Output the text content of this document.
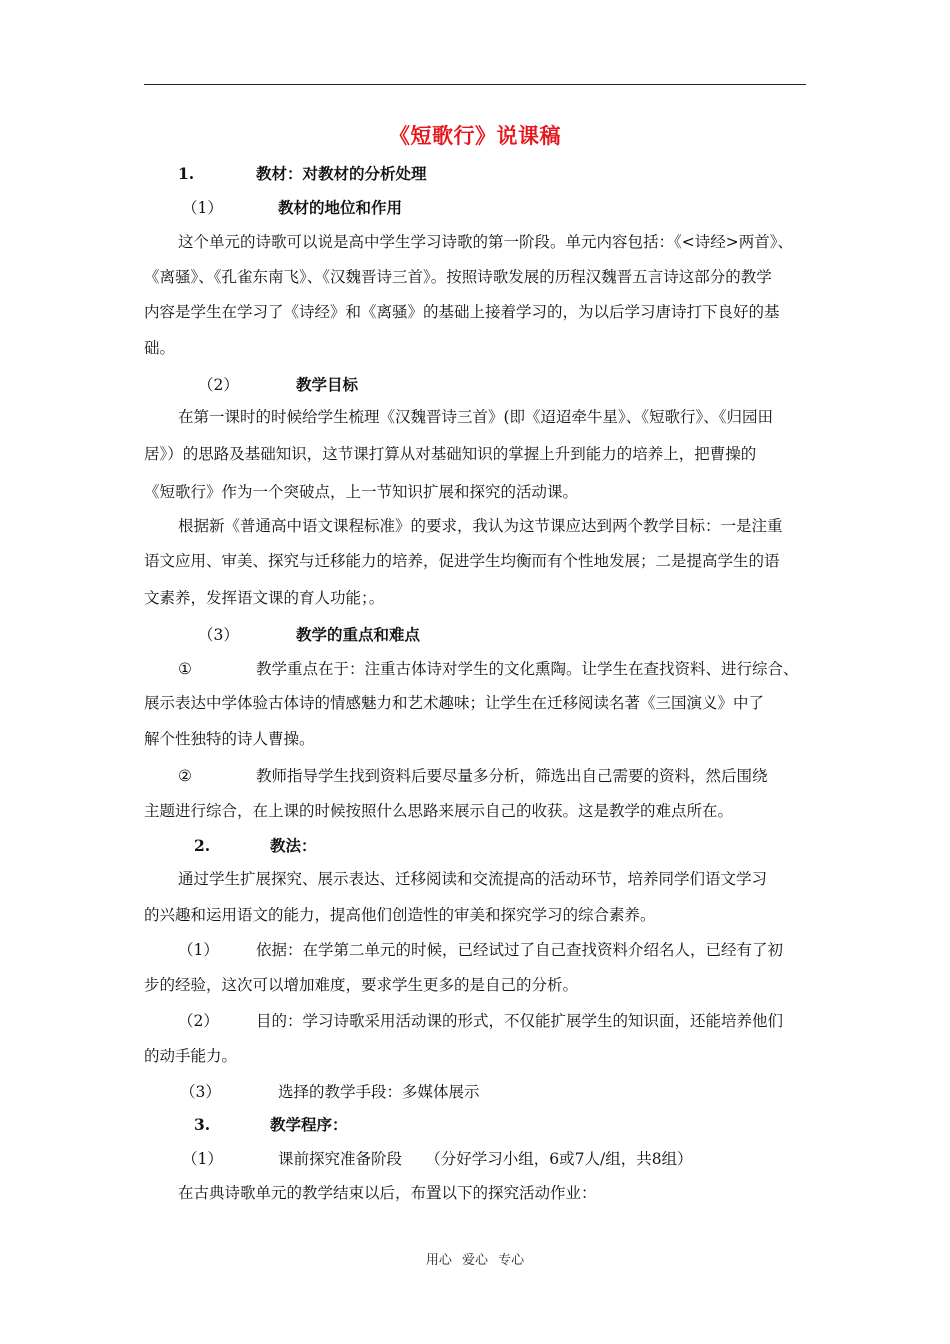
《短歌行》说课稿
1.	教材：对教材的分析处理
（1）	教材的地位和作用
这个单元的诗歌可以说是高中学生学习诗歌的第一阶段。单元内容包括：《<诗经>两首》、
《离骚》、《孔雀东南飞》、《汉魏晋诗三首》。按照诗歌发展的历程汉魏晋五言诗这部分的教学
内容是学生在学习了《诗经》和《离骚》的基础上接着学习的，为以后学习唐诗打下良好的基
础。
（2）	教学目标
在第一课时的时候给学生梳理《汉魏晋诗三首》(即《迢迢牵牛星》、《短歌行》、《归园田
居》）的思路及基础知识，这节课打算从对基础知识的掌握上升到能力的培养上，把曹操的
《短歌行》作为一个突破点，上一节知识扩展和探究的活动课。
根据新《普通高中语文课程标准》的要求，我认为这节课应达到两个教学目标：一是注重
语文应用、审美、探究与迁移能力的培养，促进学生均衡而有个性地发展；二是提高学生的语
文素养，发挥语文课的育人功能；。
（3）	教学的重点和难点
①	教学重点在于：注重古体诗对学生的文化熏陶。让学生在查找资料、进行综合、
展示表达中学体验古体诗的情感魅力和艺术趣味；让学生在迁移阅读名著《三国演义》中了
解个性独特的诗人曹操。
②	教师指导学生找到资料后要尽量多分析，筛选出自己需要的资料，然后围绕
主题进行综合，在上课的时候按照什么思路来展示自己的收获。这是教学的难点所在。
2.	教法：
通过学生扩展探究、展示表达、迁移阅读和交流提高的活动环节，培养同学们语文学习
的兴趣和运用语文的能力，提高他们创造性的审美和探究学习的综合素养。
（1） 依据：在学第二单元的时候，已经试过了自己查找资料介绍名人，已经有了初
步的经验，这次可以增加难度，要求学生更多的是自己的分析。
（2） 目的：学习诗歌采用活动课的形式，不仅能扩展学生的知识面，还能培养他们
的动手能力。
（3）	选择的教学手段：多媒体展示
3.	教学程序：
（1）	课前探究准备阶段　　（分好学习小组，6或7人/组，共8组）
在古典诗歌单元的教学结束以后，布置以下的探究活动作业：
用心 爱心 专心
